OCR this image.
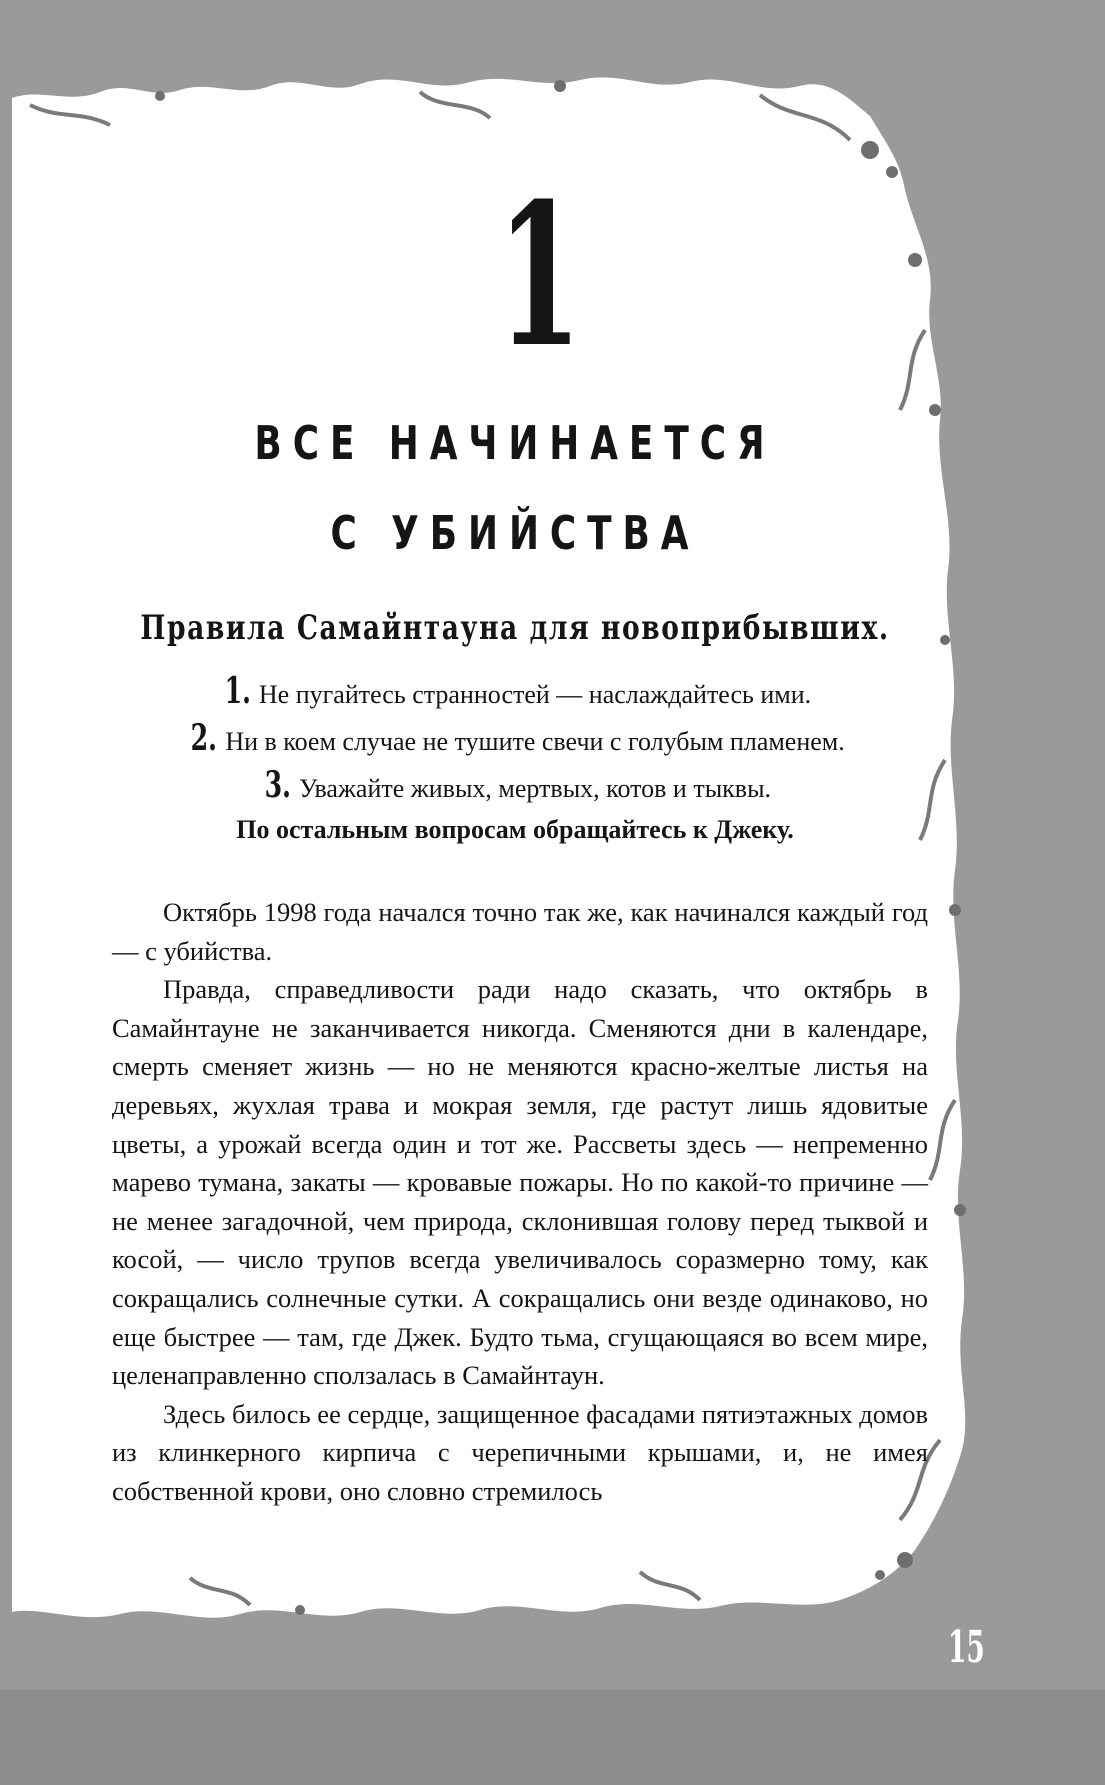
1
ВСЕ НАЧИНАЕТСЯ
С УБИЙСТВА
Правила Самайнтауна для новоприбывших.
1. Не пугайтесь странностей — наслаждайтесь ими.
2. Ни в коем случае не тушите свечи с голубым пламенем.
3. Уважайте живых, мертвых, котов и тыквы.
По остальным вопросам обращайтесь к Джеку.

Октябрь 1998 года начался точно так же, как начинался каждый год — с убийства.

Правда, справедливости ради надо сказать, что октябрь в Самайнтауне не заканчивается никогда. Сменяются дни в календаре, смерть сменяет жизнь — но не меняются красно-желтые листья на деревьях, жухлая трава и мокрая земля, где растут лишь ядовитые цветы, а урожай всегда один и тот же. Рассветы здесь — непременно марево тумана, закаты — кровавые пожары. Но по какой-то причине — не менее загадочной, чем природа, склонившая голову перед тыквой и косой, — число трупов всегда увеличивалось соразмерно тому, как сокращались солнечные сутки. А сокращались они везде одинаково, но еще быстрее — там, где Джек. Будто тьма, сгущающаяся во всем мире, целенаправленно сползалась в Самайнтаун.

Здесь билось ее сердце, защищенное фасадами пятиэтажных домов из клинкерного кирпича с черепичными крышами, и, не имея собственной крови, оно словно стремилось

15
